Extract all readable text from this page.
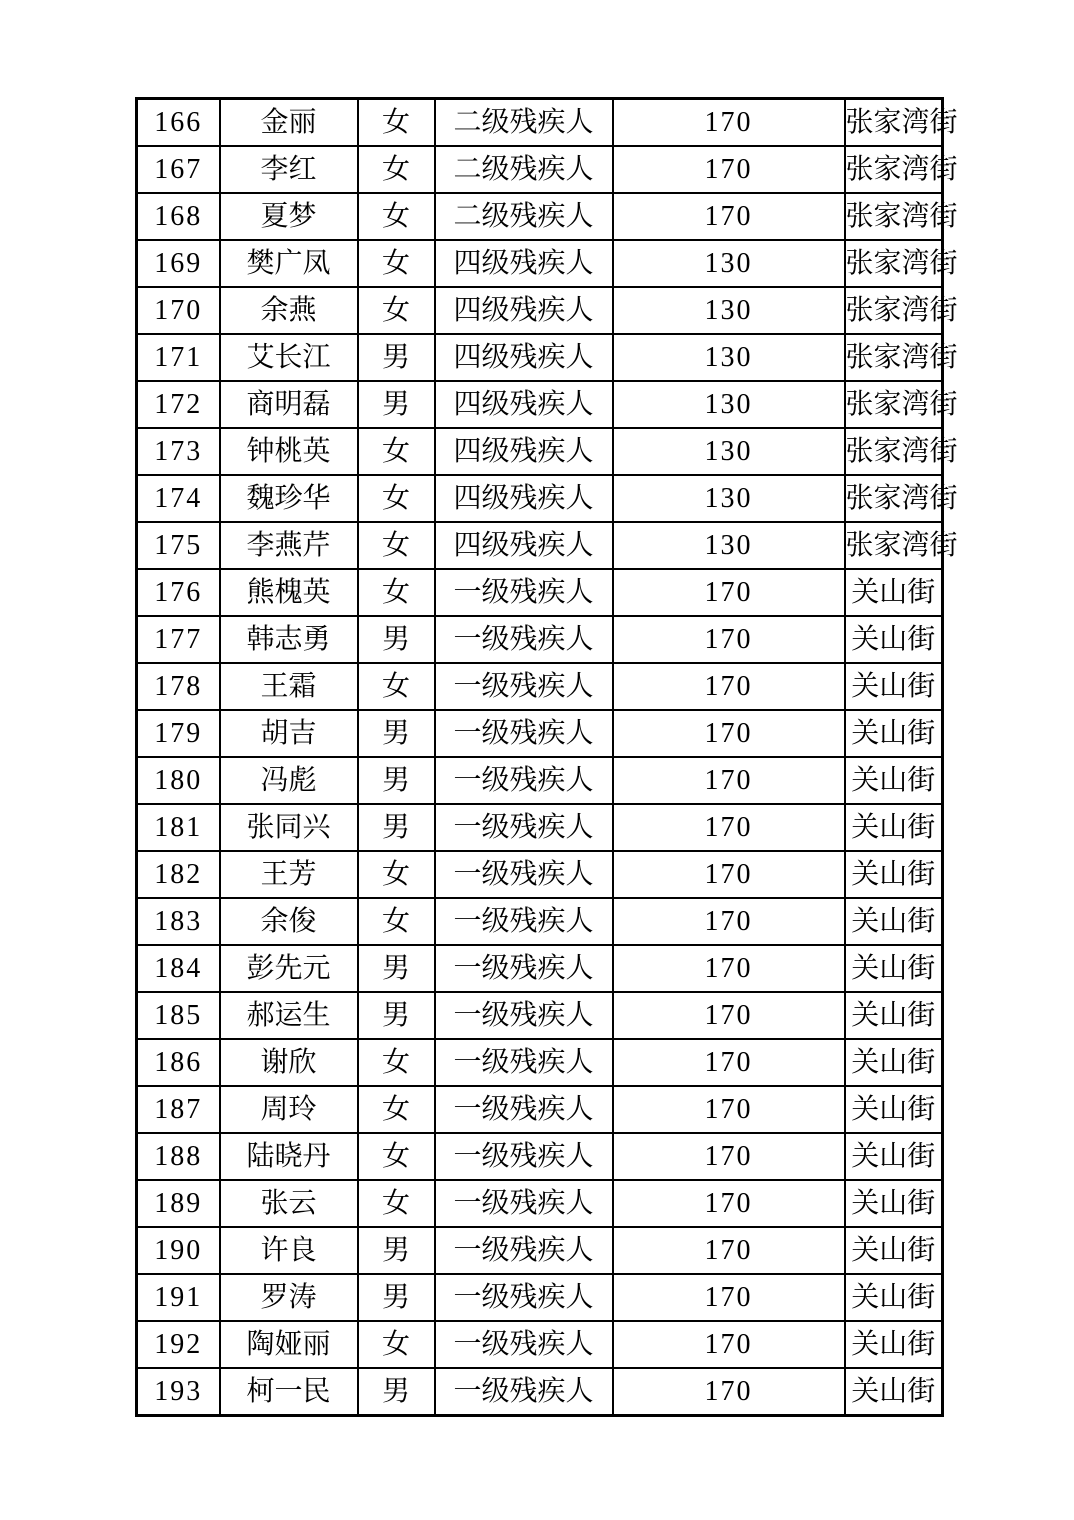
166	金丽	女	二级残疾人	170	张家湾街
167	李红	女	二级残疾人	170	张家湾街
168	夏梦	女	二级残疾人	170	张家湾街
169	樊广凤	女	四级残疾人	130	张家湾街
170	余燕	女	四级残疾人	130	张家湾街
171	艾长江	男	四级残疾人	130	张家湾街
172	商明磊	男	四级残疾人	130	张家湾街
173	钟桃英	女	四级残疾人	130	张家湾街
174	魏珍华	女	四级残疾人	130	张家湾街
175	李燕芹	女	四级残疾人	130	张家湾街
176	熊槐英	女	一级残疾人	170	关山街
177	韩志勇	男	一级残疾人	170	关山街
178	王霜	女	一级残疾人	170	关山街
179	胡吉	男	一级残疾人	170	关山街
180	冯彪	男	一级残疾人	170	关山街
181	张同兴	男	一级残疾人	170	关山街
182	王芳	女	一级残疾人	170	关山街
183	余俊	女	一级残疾人	170	关山街
184	彭先元	男	一级残疾人	170	关山街
185	郝运生	男	一级残疾人	170	关山街
186	谢欣	女	一级残疾人	170	关山街
187	周玲	女	一级残疾人	170	关山街
188	陆晓丹	女	一级残疾人	170	关山街
189	张云	女	一级残疾人	170	关山街
190	许良	男	一级残疾人	170	关山街
191	罗涛	男	一级残疾人	170	关山街
192	陶娅丽	女	一级残疾人	170	关山街
193	柯一民	男	一级残疾人	170	关山街
